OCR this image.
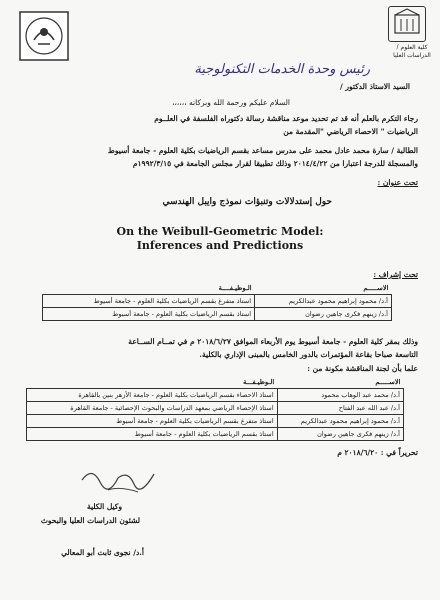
كلية العلوم / الدراسات العليا
رئيس وحدة الخدمات التكنولوجية
السيد الاستاذ الدكتور /
السلام عليكم ورحمة الله وبركاته ،،،،،،
رجاء التكرم بالعلم أنه قد تم تحديد موعد مناقشة رسالة دكتوراه الفلسفة في العلــوم
الرياضيات " الاحصاء الرياضي "المقدمة من
الطالبة / سارة محمد عادل محمد على مدرس مساعد بقسم الرياضيات بكلية العلوم - جامعة أسيوط
والمسجلة للدرجة اعتبارا من ٢٠١٤/٤/٢٢ وذلك تطبيقا لقرار مجلس الجامعة في ١٩٩٢/٣/١٥م
تحت عنوان :
حول إستدلالات وتنبؤات نموذج وايبل الهندسي
On the Weibull-Geometric Model:
Inferences and Predictions
تحت إشراف :
الاســـــم	الـوظيـفــــة
أ.د/ محمود إبراهيم محمود عبدالكريم	استاذ متفرغ بقسم الرياضيات بكلية العلوم - جامعة أسيوط
أ.د/ زينهم فكرى جاهين رضوان	استاذ بقسم الرياضيات بكلية العلوم - جامعة أسيوط
وذلك بمقر كلية العلوم - جامعة أسيوط يوم الأربعاء الموافق ٢٠١٨/٦/٢٧ م في تمــام الســاعة
التاسعة صباحا بقاعة المؤتمرات بالدور الخامس بالمبنى الإداري بالكلية.
علما بأن لجنة المناقشة مكونة من :
الاســـــم	الـوظيـفـــة
أ.د/ محمد عبد الوهاب محمود	استاذ الاحصاء بقسم الرياضيات بكلية العلوم - جامعة الأزهر بنين بالقاهرة
أ.د/ عبد الله عبد الفتاح	استاذ الإحصاء الرياضي بمعهد الدراسات والبحوث الإحصائية - جامعة القاهرة
أ.د/ محمود إبراهيم محمود عبدالكريم	استاذ متفرغ بقسم الرياضيات بكلية العلوم - جامعة أسيوط
أ.د/ زينهم فكرى جاهين رضوان	استاذ بقسم الرياضيات بكلية العلوم - جامعة أسيوط
تحريراً في : ٢٠١٨/٦/٢٠ م
وكيل الكلية
لشئون الدراسات العليا والبحوث
أ.د/ نجوى ثابت أبو المعالي
